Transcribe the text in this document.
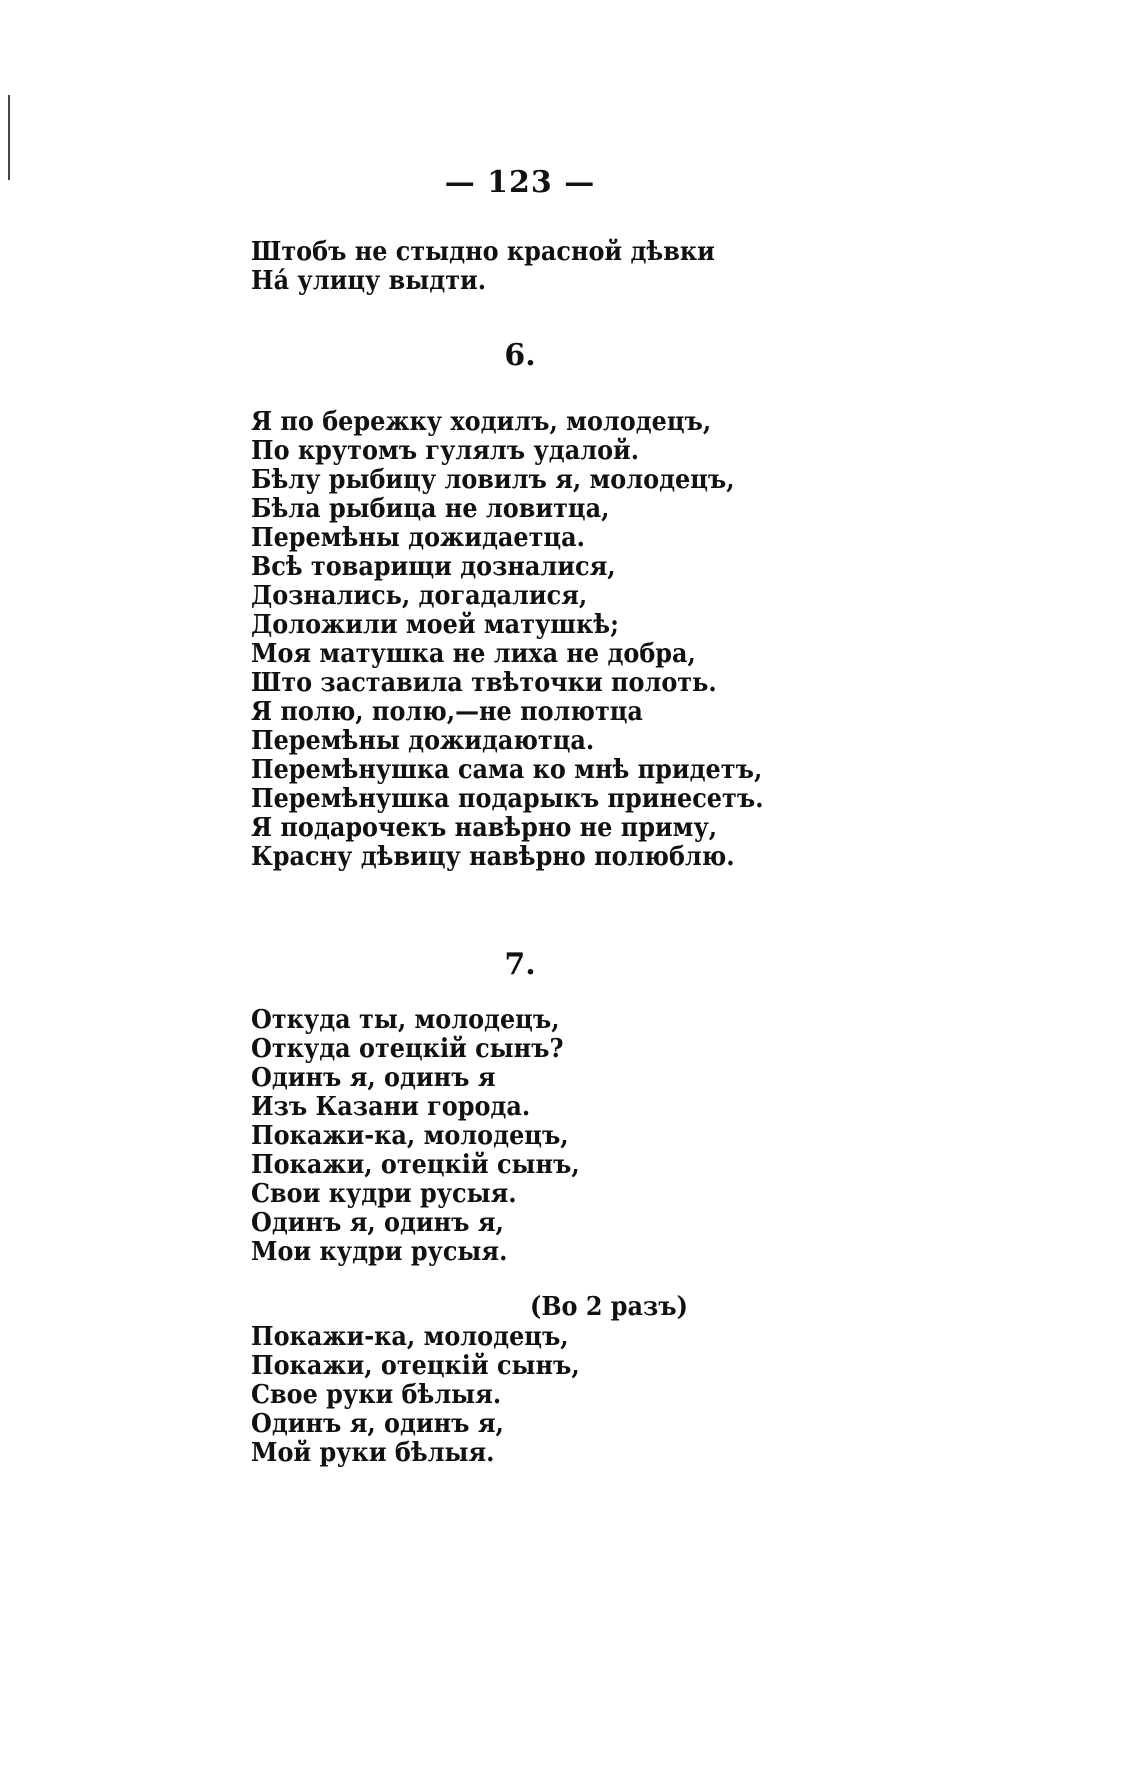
— 123 —
Штобъ не стыдно красной дѣвки
Нá улицу выдти.
6.
Я по бережку ходилъ, молодецъ,
По крутомъ гулялъ удалой.
Бѣлу рыбицу ловилъ я, молодецъ,
Бѣла рыбица не ловитца,
Перемѣны дожидаетца.
Всѣ товарищи дозналися,
Дознались, догадалися,
Доложили моей матушкѣ;
Моя матушка не лиха не добра,
Што заставила твѣточки полоть.
Я полю, полю,—не полютца
Перемѣны дожидаютца.
Перемѣнушка сама ко мнѣ придетъ,
Перемѣнушка подарыкъ принесетъ.
Я подарочекъ навѣрно не приму,
Красну дѣвицу навѣрно полюблю.
7.
Откуда ты, молодецъ,
Откуда отецкій сынъ?
Одинъ я, одинъ я
Изъ Казани города.
Покажи-ка, молодецъ,
Покажи, отецкій сынъ,
Свои кудри русыя.
Одинъ я, одинъ я,
Мои кудри русыя.
(Во 2 разъ)
Покажи-ка, молодецъ,
Покажи, отецкій сынъ,
Свое руки бѣлыя.
Одинъ я, одинъ я,
Мой руки бѣлыя.
